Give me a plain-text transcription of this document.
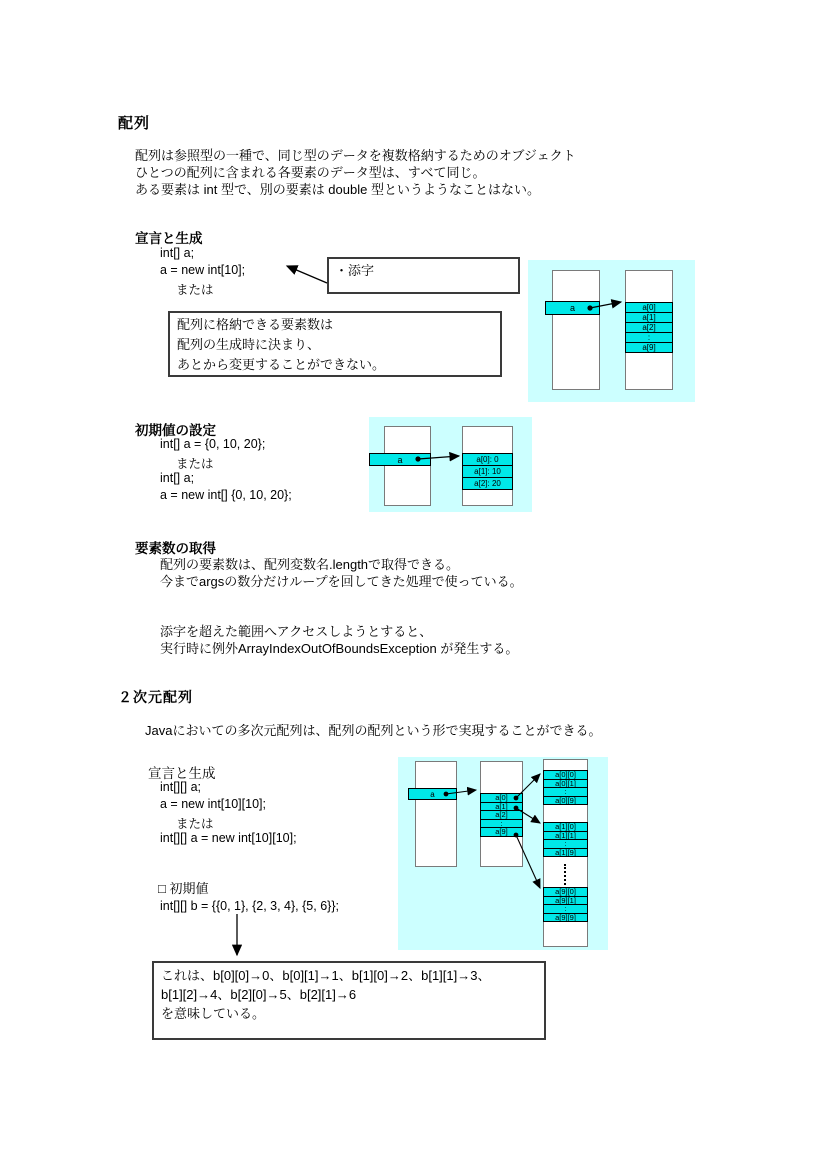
配列
配列は参照型の一種で、同じ型のデータを複数格納するためのオブジェクト
ひとつの配列に含まれる各要素のデータ型は、すべて同じ。
ある要素は int 型で、別の要素は double 型というようなことはない。
宣言と生成
int[] a;
a = new int[10];
または
・添字
配列に格納できる要素数は
配列の生成時に決まり、
あとから変更することができない。
a	a[0]
a[1]
a[2]
:
a[9]
初期値の設定
int[] a = {0, 10, 20};
または
int[] a;
a = new int[] {0, 10, 20};
a	a[0]: 0
a[1]: 10
a[2]: 20
要素数の取得
配列の要素数は、配列変数名.lengthで取得できる。
今までargsの数分だけループを回してきた処理で使っている。
添字を超えた範囲へアクセスしようとすると、
実行時に例外ArrayIndexOutOfBoundsException が発生する。
２次元配列
Javaにおいての多次元配列は、配列の配列という形で実現することができる。
宣言と生成
int[][] a;
a = new int[10][10];
または
int[][] a = new int[10][10];
□ 初期値
int[][] b = {{0, 1}, {2, 3, 4}, {5, 6}};
これは、b[0][0]→0、b[0][1]→1、b[1][0]→2、b[1][1]→3、
b[1][2]→4、b[2][0]→5、b[2][1]→6
を意味している。
a	a[0]
a[1]
a[2]
:
a[9]
a[0][0]
a[0][1]
:
a[0][9]
a[1][0]
a[1][1]
:
a[1][9]
a[9][0]
a[9][1]
:
a[9][9]
